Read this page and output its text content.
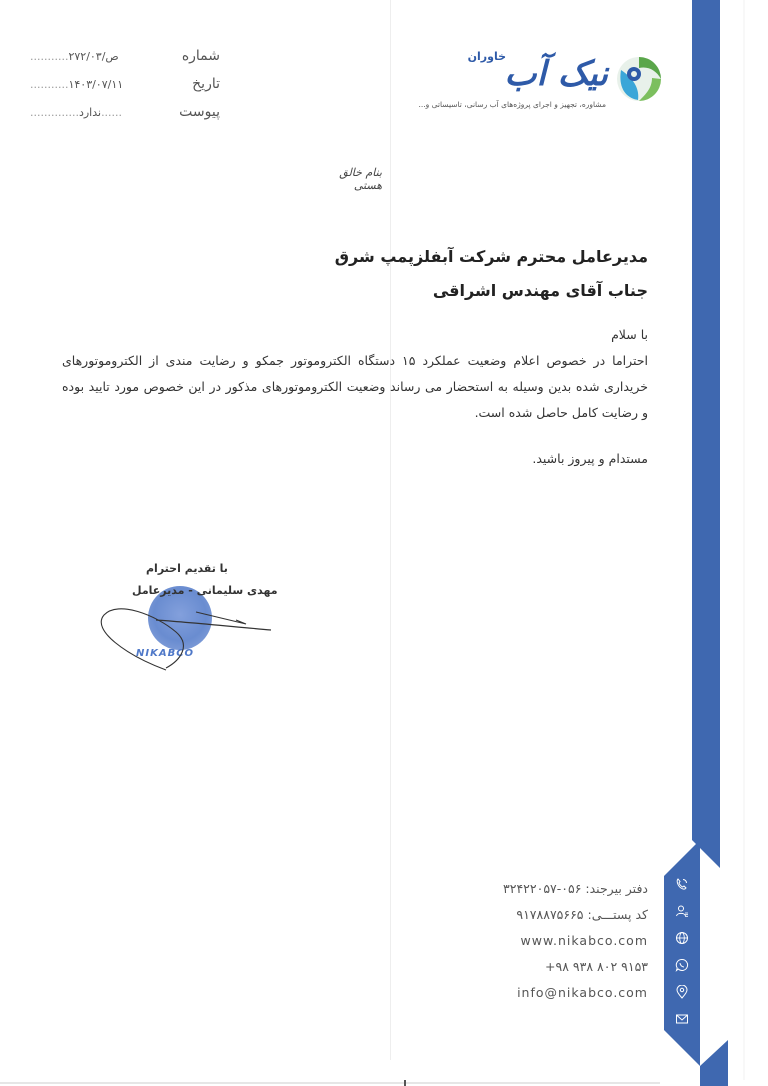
شماره
ص/۲۷۲/۰۳...........
تاریخ
۱۴۰۳/۰۷/۱۱...........
پیوست
......ندارد..............
خاوران
نیک آب
مشاوره، تجهیز و اجرای پروژه‌های آب رسانی، تاسیساتی و...
بنام خالق هستی
مدیرعامل محترم شرکت آبفلزپمپ شرق
جناب آقای مهندس اشراقی
با سلام
احتراما در خصوص اعلام وضعیت عملکرد ۱۵ دستگاه الکتروموتور جمکو و رضایت مندی از الکتروموتورهای خریداری شده بدین وسیله به استحضار می رساند وضعیت الکتروموتورهای مذکور در این خصوص مورد تایید بوده و رضایت کامل حاصل شده است.
مستدام و پیروز باشید.
NIKABCO
با تقدیم احترام
مهدی سلیمانی - مدیرعامل
دفتر بیرجند: ۰۵۶-۳۲۴۲۲۰۵۷
کد پستـــی: ۹۱۷۸۸۷۵۶۶۵
www.nikabco.com
+۹۸ ۹۳۸ ۸۰۲ ۹۱۵۳
info@nikabco.com
